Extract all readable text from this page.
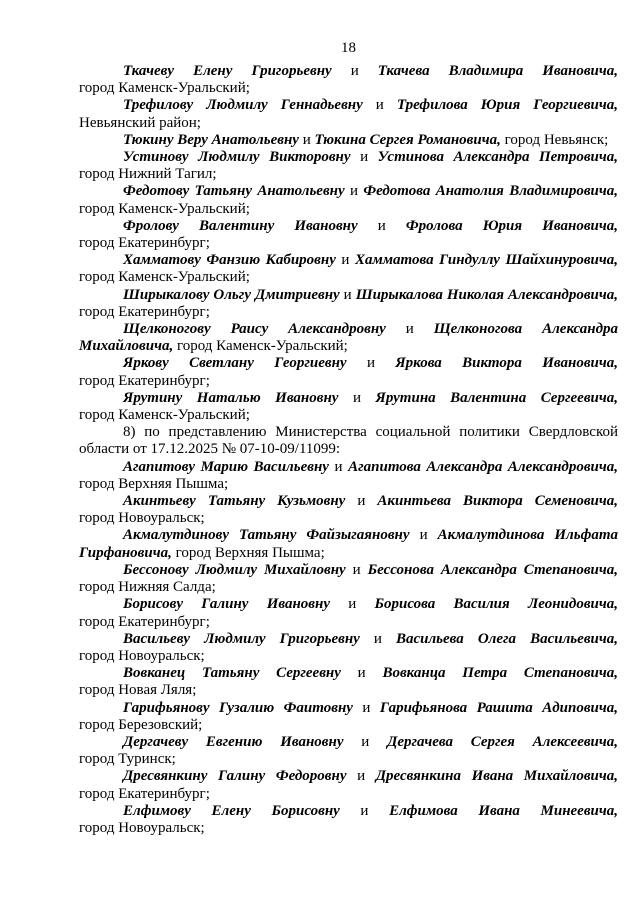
18

Ткачеву Елену Григорьевну и Ткачева Владимира Ивановича, город Каменск-Уральский;

Трефилову Людмилу Геннадьевну и Трефилова Юрия Георгиевича, Невьянский район;

Тюкину Веру Анатольевну и Тюкина Сергея Романовича, город Невьянск;

Устинову Людмилу Викторовну и Устинова Александра Петровича, город Нижний Тагил;

Федотову Татьяну Анатольевну и Федотова Анатолия Владимировича, город Каменск-Уральский;

Фролову Валентину Ивановну и Фролова Юрия Ивановича, город Екатеринбург;

Хамматову Фанзию Кабировну и Хамматова Гиндуллу Шайхинуровича, город Каменск-Уральский;

Ширыкалову Ольгу Дмитриевну и Ширыкалова Николая Александровича, город Екатеринбург;

Щелконогову Раису Александровну и Щелконогова Александра Михайловича, город Каменск-Уральский;

Яркову Светлану Георгиевну и Яркова Виктора Ивановича, город Екатеринбург;

Ярутину Наталью Ивановну и Ярутина Валентина Сергеевича, город Каменск-Уральский;

8) по представлению Министерства социальной политики Свердловской области от 17.12.2025 № 07-10-09/11099:

Агапитову Марию Васильевну и Агапитова Александра Александровича, город Верхняя Пышма;

Акинтьеву Татьяну Кузьмовну и Акинтьева Виктора Семеновича, город Новоуральск;

Акмалутдинову Татьяну Файзыгаяновну и Акмалутдинова Ильфата Гирфановича, город Верхняя Пышма;

Бессонову Людмилу Михайловну и Бессонова Александра Степановича, город Нижняя Салда;

Борисову Галину Ивановну и Борисова Василия Леонидовича, город Екатеринбург;

Васильеву Людмилу Григорьевну и Васильева Олега Васильевича, город Новоуральск;

Вовканец Татьяну Сергеевну и Вовканца Петра Степановича, город Новая Ляля;

Гарифьянову Гузалию Фаитовну и Гарифьянова Рашита Адиповича, город Березовский;

Дергачеву Евгению Ивановну и Дергачева Сергея Алексеевича, город Туринск;

Дресвянкину Галину Федоровну и Дресвянкина Ивана Михайловича, город Екатеринбург;

Елфимову Елену Борисовну и Елфимова Ивана Минеевича, город Новоуральск;
